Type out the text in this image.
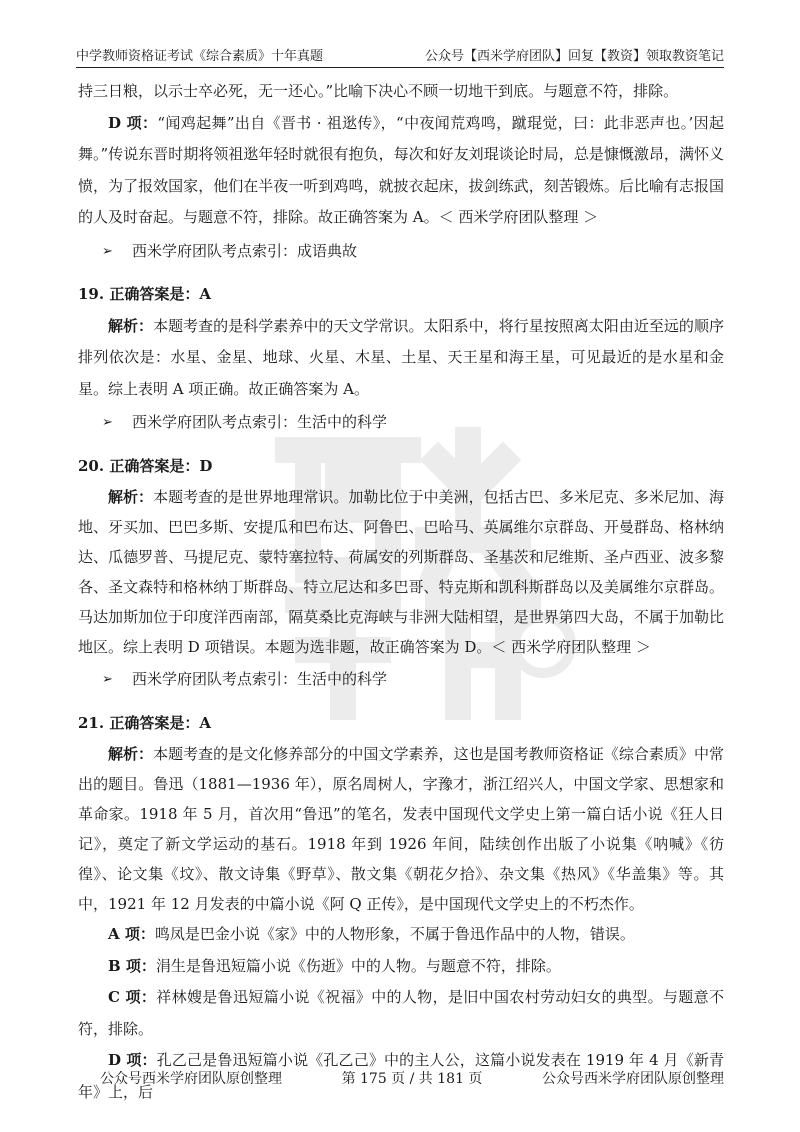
中学教师资格证考试《综合素质》十年真题	公众号【西米学府团队】回复【教资】领取教资笔记

持三日粮，以示士卒必死，无一还心。”比喻下决心不顾一切地干到底。与题意不符，排除。

D 项：“闻鸡起舞”出自《晋书 · 祖逖传》，“中夜闻荒鸡鸣，蹴琨觉，曰：此非恶声也。’因起舞。”传说东晋时期将领祖逖年轻时就很有抱负，每次和好友刘琨谈论时局，总是慷慨激昂，满怀义愤，为了报效国家，他们在半夜一听到鸡鸣，就披衣起床，拔剑练武，刻苦锻炼。后比喻有志报国的人及时奋起。与题意不符，排除。故正确答案为 A。＜ 西米学府团队整理 ＞

➢	西米学府团队考点索引：成语典故

19. 正确答案是：A

解析：本题考查的是科学素养中的天文学常识。太阳系中，将行星按照离太阳由近至远的顺序排列依次是：水星、金星、地球、火星、木星、土星、天王星和海王星，可见最近的是水星和金星。综上表明 A 项正确。故正确答案为 A。

➢	西米学府团队考点索引：生活中的科学

20. 正确答案是：D

解析：本题考查的是世界地理常识。加勒比位于中美洲，包括古巴、多米尼克、多米尼加、海地、牙买加、巴巴多斯、安提瓜和巴布达、阿鲁巴、巴哈马、英属维尔京群岛、开曼群岛、格林纳达、瓜德罗普、马提尼克、蒙特塞拉特、荷属安的列斯群岛、圣基茨和尼维斯、圣卢西亚、波多黎各、圣文森特和格林纳丁斯群岛、特立尼达和多巴哥、特克斯和凯科斯群岛以及美属维尔京群岛。马达加斯加位于印度洋西南部，隔莫桑比克海峡与非洲大陆相望，是世界第四大岛，不属于加勒比地区。综上表明 D 项错误。本题为选非题，故正确答案为 D。＜ 西米学府团队整理 ＞

➢	西米学府团队考点索引：生活中的科学

21. 正确答案是：A

解析：本题考查的是文化修养部分的中国文学素养，这也是国考教师资格证《综合素质》中常出的题目。鲁迅（1881—1936 年），原名周树人，字豫才，浙江绍兴人，中国文学家、思想家和革命家。1918 年 5 月，首次用“鲁迅”的笔名，发表中国现代文学史上第一篇白话小说《狂人日记》，奠定了新文学运动的基石。1918 年到 1926 年间，陆续创作出版了小说集《呐喊》《彷徨》、论文集《坟》、散文诗集《野草》、散文集《朝花夕拾》、杂文集《热风》《华盖集》等。其中，1921 年 12 月发表的中篇小说《阿 Q 正传》，是中国现代文学史上的不朽杰作。

A 项：鸣凤是巴金小说《家》中的人物形象，不属于鲁迅作品中的人物，错误。

B 项：涓生是鲁迅短篇小说《伤逝》中的人物。与题意不符，排除。

C 项：祥林嫂是鲁迅短篇小说《祝福》中的人物，是旧中国农村劳动妇女的典型。与题意不符，排除。

D 项：孔乙己是鲁迅短篇小说《孔乙己》中的主人公，这篇小说发表在 1919 年 4 月《新青年》上，后

公众号西米学府团队原创整理	第 175 页 / 共 181 页	公众号西米学府团队原创整理
